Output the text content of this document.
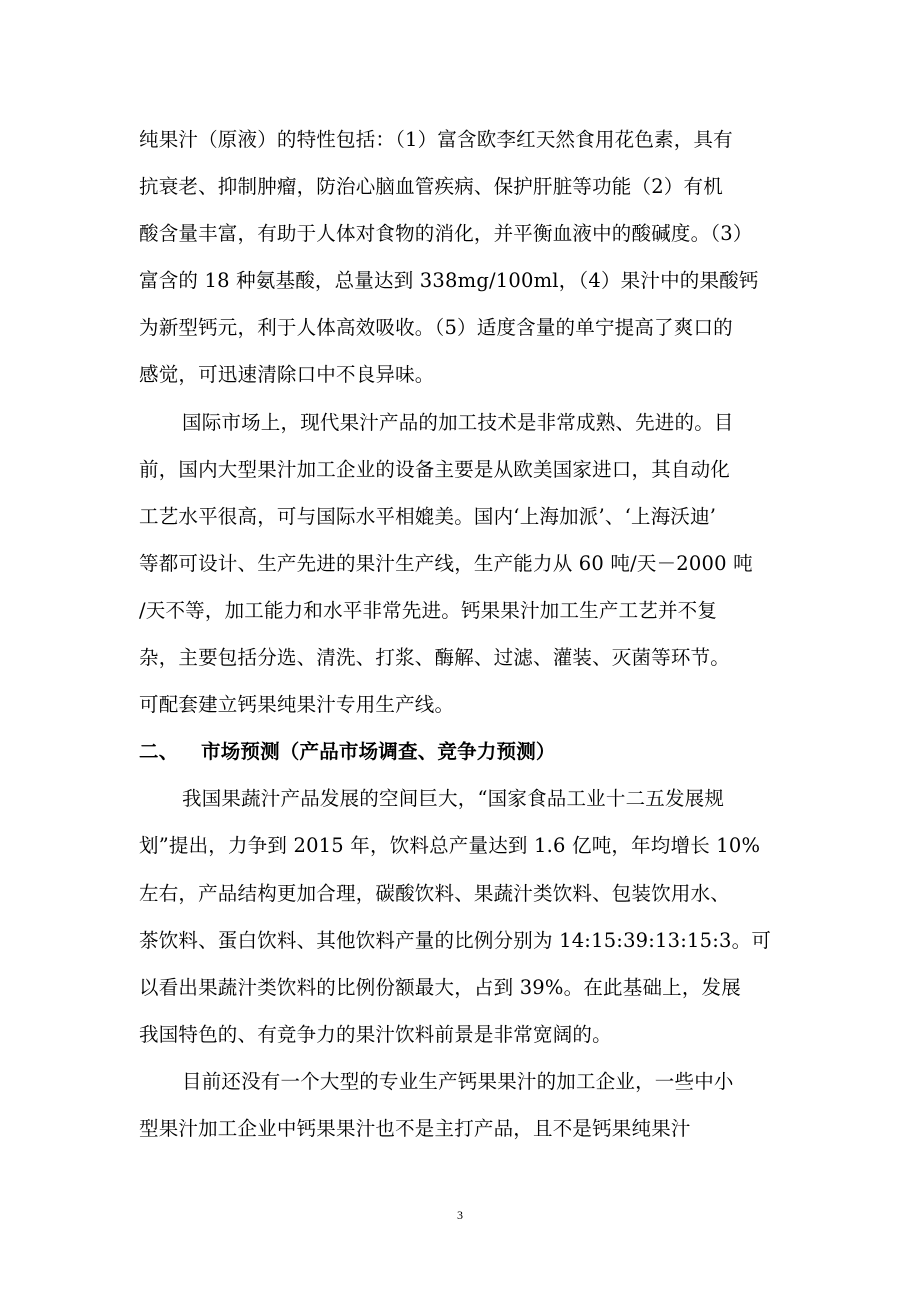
纯果汁（原液）的特性包括：（1）富含欧李红天然食用花色素，具有
抗衰老、抑制肿瘤，防治心脑血管疾病、保护肝脏等功能（2）有机
酸含量丰富，有助于人体对食物的消化，并平衡血液中的酸碱度。（3）
富含的 18 种氨基酸，总量达到 338mg/100ml，（4）果汁中的果酸钙
为新型钙元，利于人体高效吸收。（5）适度含量的单宁提高了爽口的
感觉，可迅速清除口中不良异味。
国际市场上，现代果汁产品的加工技术是非常成熟、先进的。目
前，国内大型果汁加工企业的设备主要是从欧美国家进口，其自动化
工艺水平很高，可与国际水平相媲美。国内‘上海加派’、‘上海沃迪’
等都可设计、生产先进的果汁生产线，生产能力从 60 吨/天－2000 吨
/天不等，加工能力和水平非常先进。钙果果汁加工生产工艺并不复
杂，主要包括分选、清洗、打浆、酶解、过滤、灌装、灭菌等环节。
可配套建立钙果纯果汁专用生产线。
二、 市场预测（产品市场调查、竞争力预测）
我国果蔬汁产品发展的空间巨大，“国家食品工业十二五发展规
划”提出，力争到 2015 年，饮料总产量达到 1.6 亿吨，年均增长 10%
左右，产品结构更加合理，碳酸饮料、果蔬汁类饮料、包装饮用水、
茶饮料、蛋白饮料、其他饮料产量的比例分别为 14:15:39:13:15:3。可
以看出果蔬汁类饮料的比例份额最大，占到 39%。在此基础上，发展
我国特色的、有竞争力的果汁饮料前景是非常宽阔的。
目前还没有一个大型的专业生产钙果果汁的加工企业，一些中小
型果汁加工企业中钙果果汁也不是主打产品，且不是钙果纯果汁
3
